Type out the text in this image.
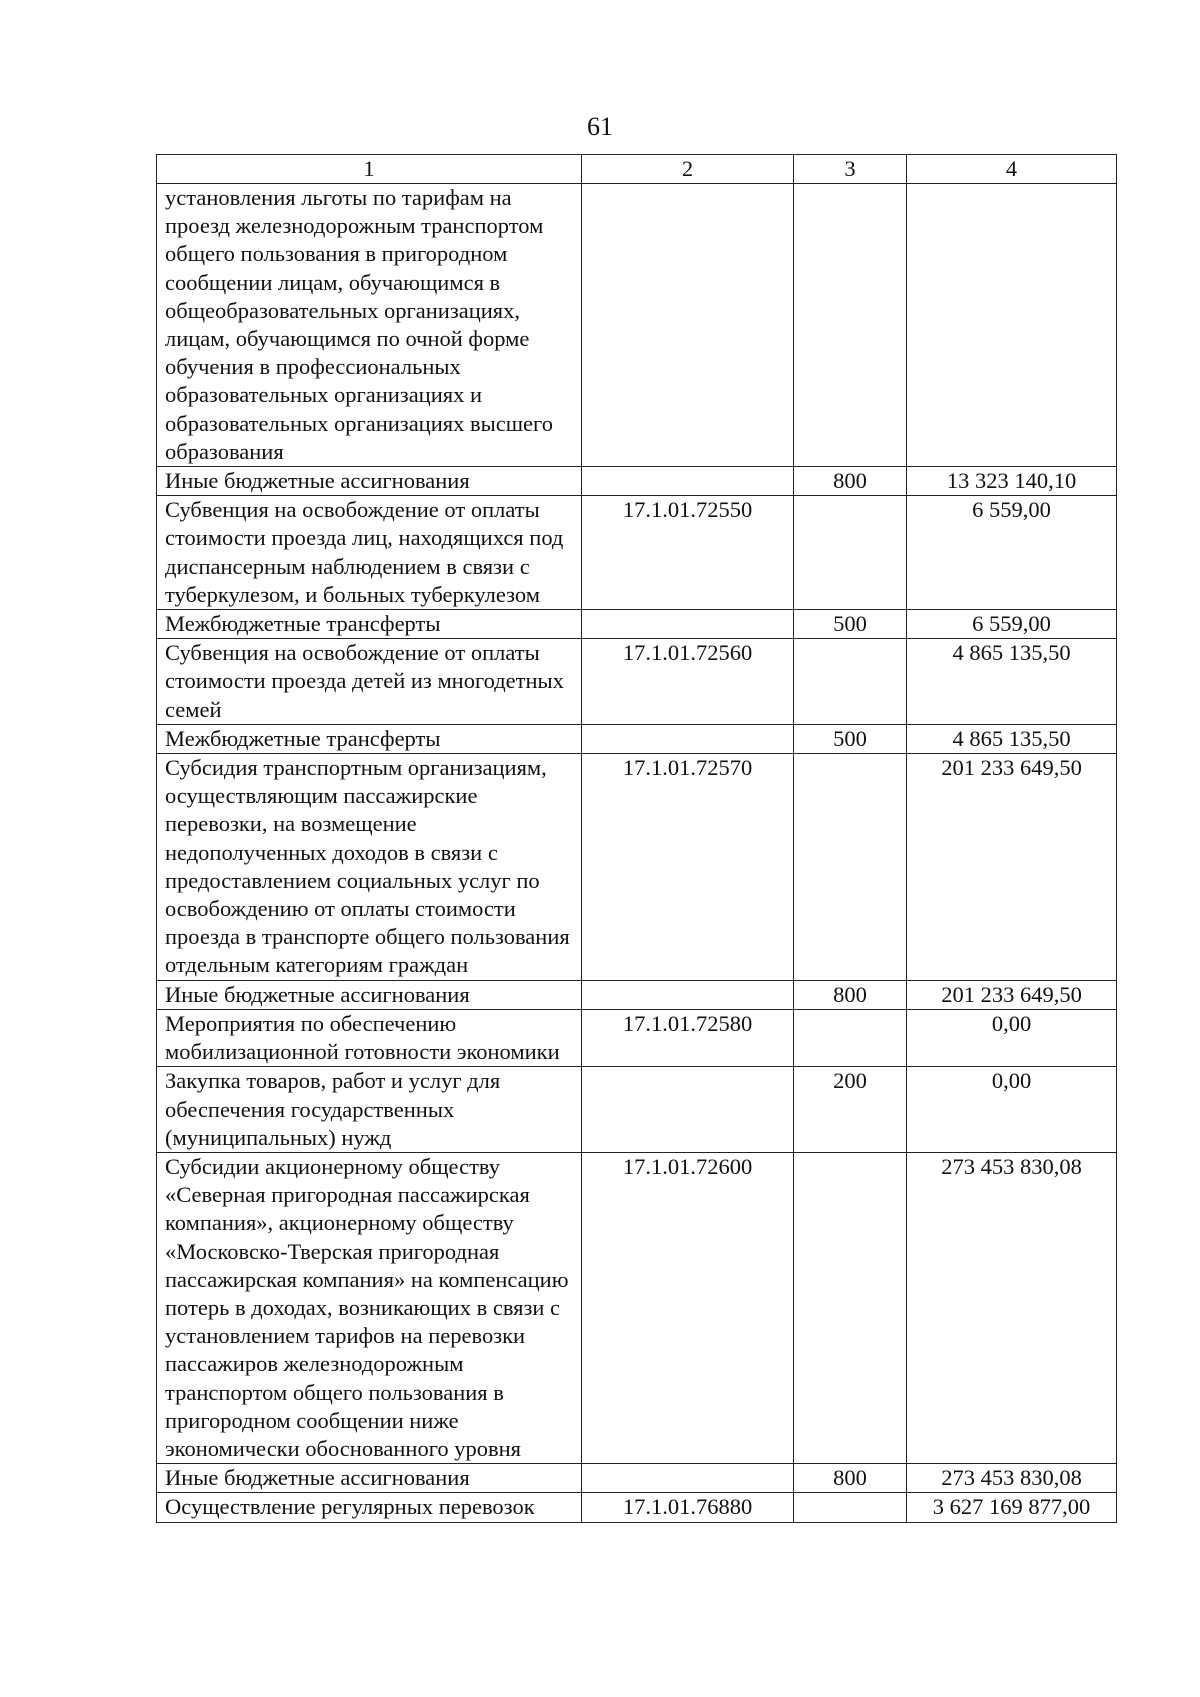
61
1	2	3	4
установления льготы по тарифам на проезд железнодорожным транспортом общего пользования в пригородном сообщении лицам, обучающимся в общеобразовательных организациях, лицам, обучающимся по очной форме обучения в профессиональных образовательных организациях и образовательных организациях высшего образования			
Иные бюджетные ассигнования		800	13 323 140,10
Субвенция на освобождение от оплаты стоимости проезда лиц, находящихся под диспансерным наблюдением в связи с туберкулезом, и больных туберкулезом	17.1.01.72550		6 559,00
Межбюджетные трансферты		500	6 559,00
Субвенция на освобождение от оплаты стоимости проезда детей из многодетных семей	17.1.01.72560		4 865 135,50
Межбюджетные трансферты		500	4 865 135,50
Субсидия транспортным организациям, осуществляющим пассажирские перевозки, на возмещение недополученных доходов в связи с предоставлением социальных услуг по освобождению от оплаты стоимости проезда в транспорте общего пользования отдельным категориям граждан	17.1.01.72570		201 233 649,50
Иные бюджетные ассигнования		800	201 233 649,50
Мероприятия по обеспечению мобилизационной готовности экономики	17.1.01.72580		0,00
Закупка товаров, работ и услуг для обеспечения государственных (муниципальных) нужд		200	0,00
Субсидии акционерному обществу «Северная пригородная пассажирская компания», акционерному обществу «Московско-Тверская пригородная пассажирская компания» на компенсацию потерь в доходах, возникающих в связи с установлением тарифов на перевозки пассажиров железнодорожным транспортом общего пользования в пригородном сообщении ниже экономически обоснованного уровня	17.1.01.72600		273 453 830,08
Иные бюджетные ассигнования		800	273 453 830,08
Осуществление регулярных перевозок	17.1.01.76880		3 627 169 877,00
